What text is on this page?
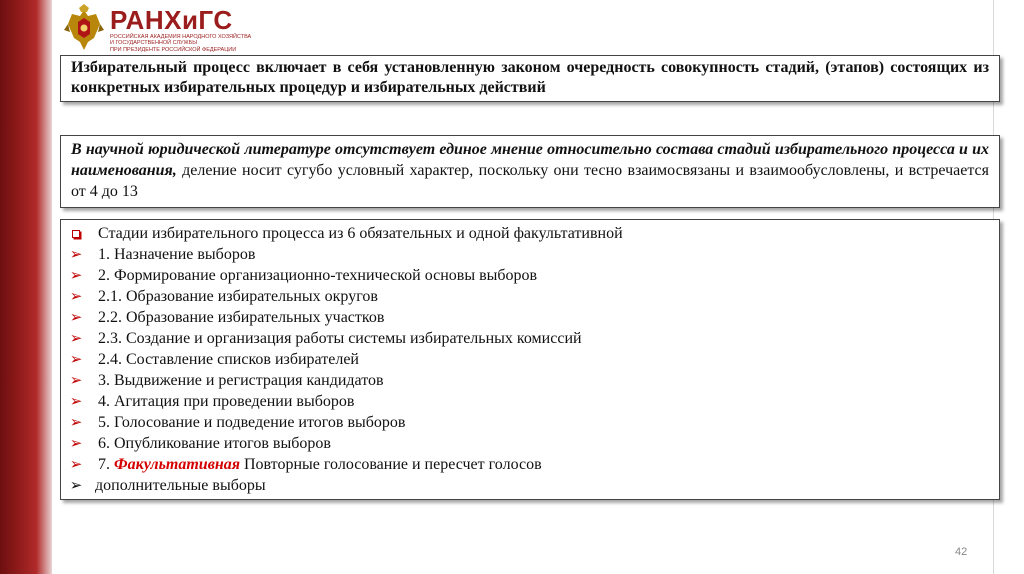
РАНХиГС
РОССИЙСКАЯ АКАДЕМИЯ НАРОДНОГО ХОЗЯЙСТВА
И ГОСУДАРСТВЕННОЙ СЛУЖБЫ
ПРИ ПРЕЗИДЕНТЕ РОССИЙСКОЙ ФЕДЕРАЦИИ

Избирательный процесс включает в себя установленную законом очередность совокупность стадий, (этапов) состоящих из конкретных избирательных процедур и избирательных действий

В научной юридической литературе отсутствует единое мнение относительно состава стадий избирательного процесса и их наименования, деление носит сугубо условный характер, поскольку они тесно взаимосвязаны и взаимообусловлены, и встречается от 4 до 13

Стадии избирательного процесса из 6 обязательных и одной факультативной
➢ 1. Назначение выборов
➢ 2. Формирование организационно-технической основы выборов
➢ 2.1. Образование избирательных округов
➢ 2.2. Образование избирательных участков
➢ 2.3. Создание и организация работы системы избирательных комиссий
➢ 2.4. Составление списков избирателей
➢ 3. Выдвижение и регистрация кандидатов
➢ 4. Агитация при проведении выборов
➢ 5. Голосование и подведение итогов выборов
➢ 6. Опубликование итогов выборов
➢ 7. Факультативная Повторные голосование и пересчет голосов
➢ дополнительные выборы
42
